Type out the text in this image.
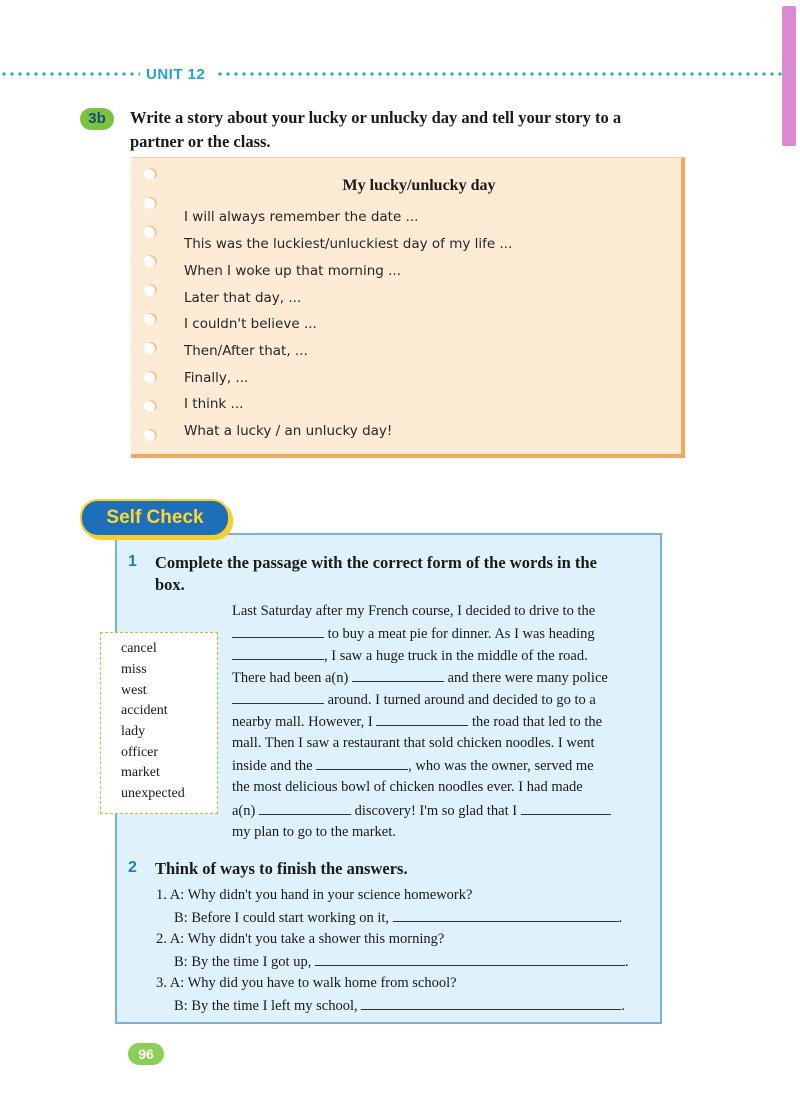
UNIT 12
3b	Write a story about your lucky or unlucky day and tell your story to a
partner or the class.
My lucky/unlucky day
I will always remember the date ...
This was the luckiest/unluckiest day of my life ...
When I woke up that morning ...
Later that day, ...
I couldn't believe ...
Then/After that, ...
Finally, ...
I think ...
What a lucky / an unlucky day!
Self Check
1 Complete the passage with the correct form of the words in the
box.
cancel
miss
west
accident
lady
officer
market
unexpected
Last Saturday after my French course, I decided to drive to the
to buy a meat pie for dinner. As I was heading
, I saw a huge truck in the middle of the road.
There had been a(n)	and there were many police
around. I turned around and decided to go to a
nearby mall. However, I	the road that led to the
mall. Then I saw a restaurant that sold chicken noodles. I went
inside and the	, who was the owner, served me
the most delicious bowl of chicken noodles ever. I had made
a(n)	discovery! I'm so glad that I
my plan to go to the market.
2 Think of ways to finish the answers.
1. A: Why didn't you hand in your science homework?
B: Before I could start working on it,	.
2. A: Why didn't you take a shower this morning?
B: By the time I got up,	.
3. A: Why did you have to walk home from school?
B: By the time I left my school,	.
96
